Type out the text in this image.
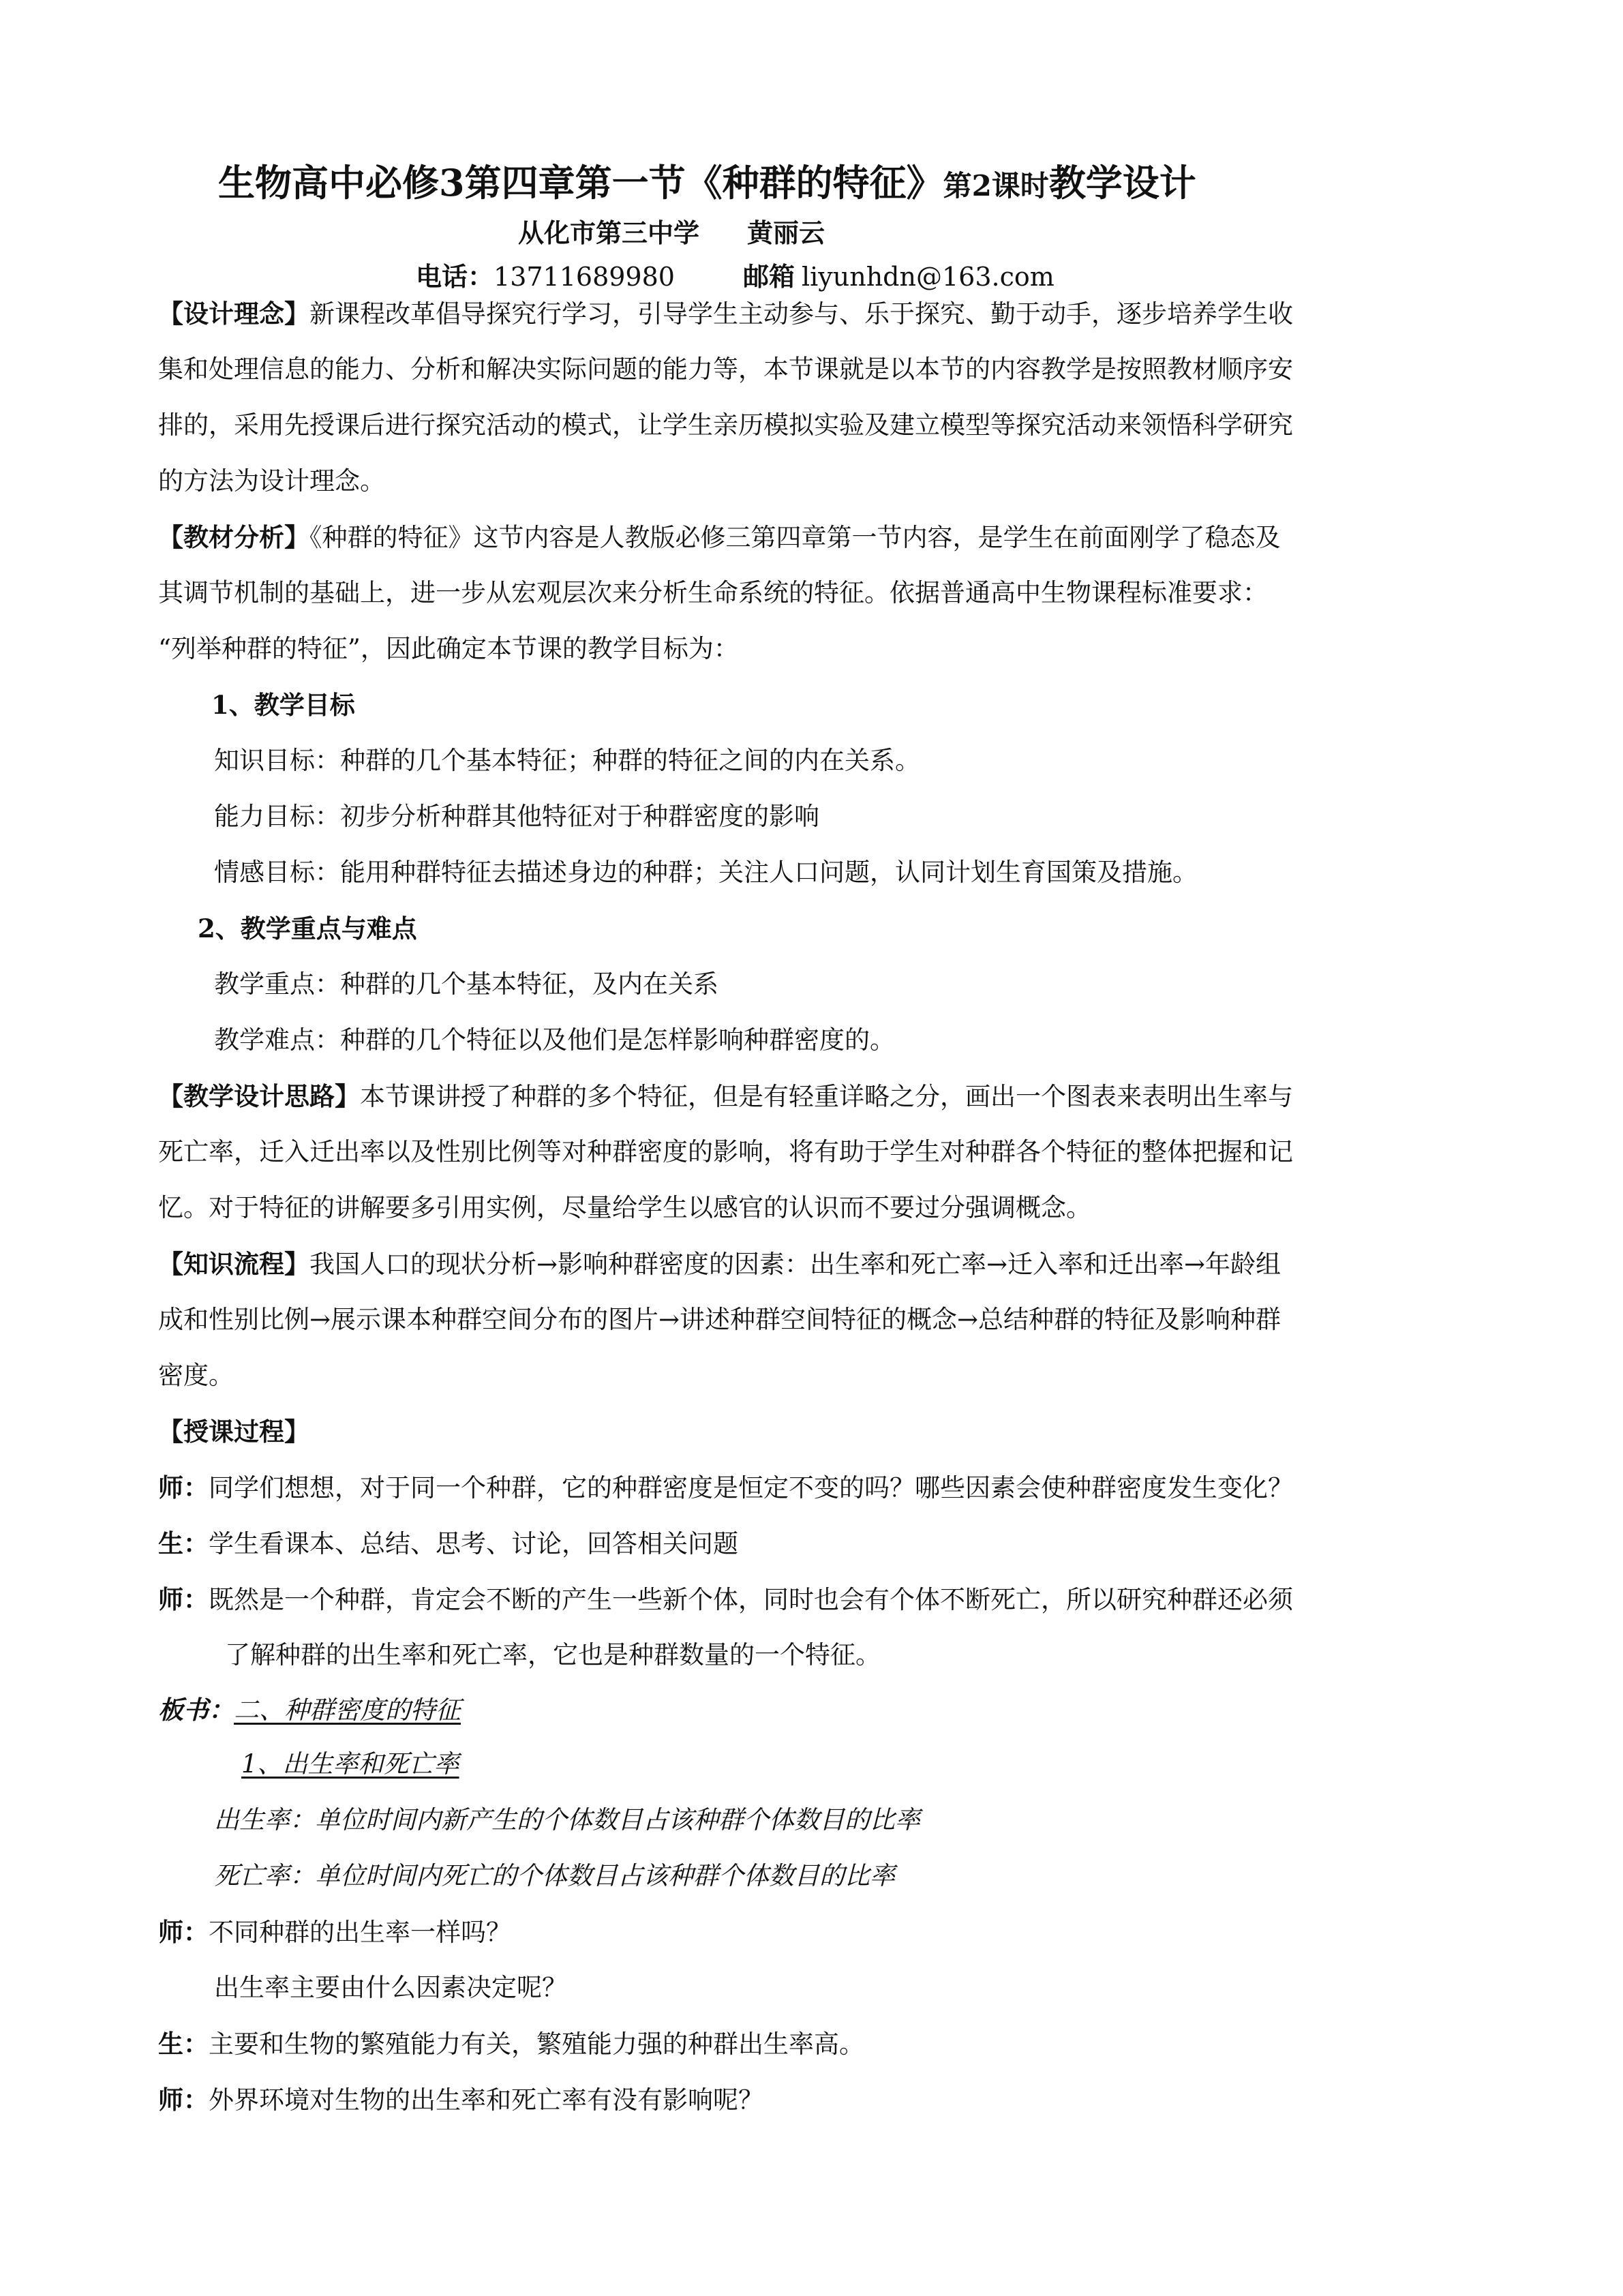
生物高中必修3第四章第一节《种群的特征》第2课时教学设计
从化市第三中学 黄丽云
电话：13711689980	邮箱 liyunhdn@163.com
【设计理念】新课程改革倡导探究行学习，引导学生主动参与、乐于探究、勤于动手，逐步培养学生收
集和处理信息的能力、分析和解决实际问题的能力等，本节课就是以本节的内容教学是按照教材顺序安
排的，采用先授课后进行探究活动的模式，让学生亲历模拟实验及建立模型等探究活动来领悟科学研究
的方法为设计理念。
【教材分析】《种群的特征》这节内容是人教版必修三第四章第一节内容，是学生在前面刚学了稳态及
其调节机制的基础上，进一步从宏观层次来分析生命系统的特征。依据普通高中生物课程标准要求：
“列举种群的特征”，因此确定本节课的教学目标为：
1、教学目标
知识目标：种群的几个基本特征；种群的特征之间的内在关系。
能力目标：初步分析种群其他特征对于种群密度的影响
情感目标：能用种群特征去描述身边的种群；关注人口问题，认同计划生育国策及措施。
2、教学重点与难点
教学重点：种群的几个基本特征，及内在关系
教学难点：种群的几个特征以及他们是怎样影响种群密度的。
【教学设计思路】本节课讲授了种群的多个特征，但是有轻重详略之分，画出一个图表来表明出生率与
死亡率，迁入迁出率以及性别比例等对种群密度的影响，将有助于学生对种群各个特征的整体把握和记
忆。对于特征的讲解要多引用实例，尽量给学生以感官的认识而不要过分强调概念。
【知识流程】我国人口的现状分析→影响种群密度的因素：出生率和死亡率→迁入率和迁出率→年龄组
成和性别比例→展示课本种群空间分布的图片→讲述种群空间特征的概念→总结种群的特征及影响种群
密度。
【授课过程】
师：同学们想想，对于同一个种群，它的种群密度是恒定不变的吗？哪些因素会使种群密度发生变化？
生：学生看课本、总结、思考、讨论，回答相关问题
师：既然是一个种群，肯定会不断的产生一些新个体，同时也会有个体不断死亡，所以研究种群还必须
了解种群的出生率和死亡率，它也是种群数量的一个特征。
板书：二、种群密度的特征
1、出生率和死亡率
出生率：单位时间内新产生的个体数目占该种群个体数目的比率
死亡率：单位时间内死亡的个体数目占该种群个体数目的比率
师：不同种群的出生率一样吗？
出生率主要由什么因素决定呢？
生：主要和生物的繁殖能力有关，繁殖能力强的种群出生率高。
师：外界环境对生物的出生率和死亡率有没有影响呢？
